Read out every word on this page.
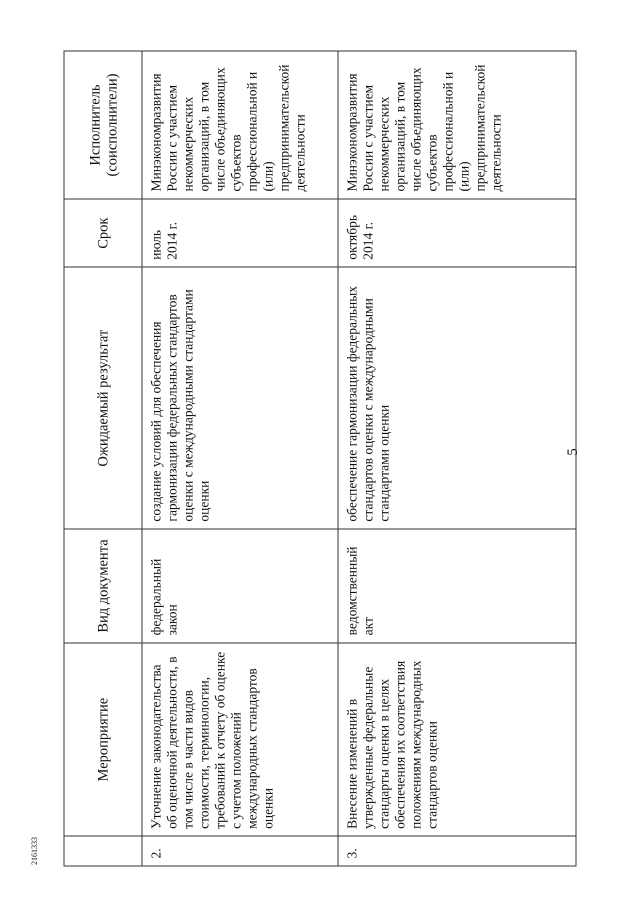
5
2161333
	Мероприятие	Вид документа	Ожидаемый результат	Срок	Исполнитель (соисполнители)
2.	Уточнение законодательства об оценочной деятельности, в том числе в части видов стоимости, терминологии, требований к отчету об оценке с учетом положений международных стандартов оценки	федеральный закон	создание условий для обеспечения гармонизации федеральных стандартов оценки с международными стандартами оценки	июль 2014 г.	Минэкономразвития России с участием некоммерческих организаций, в том числе объединяющих субъектов профессиональной и (или) предпринимательской деятельности
3.	Внесение изменений в утвержденные федеральные стандарты оценки в целях обеспечения их соответствия положениям международных стандартов оценки	ведомственный акт	обеспечение гармонизации федеральных стандартов оценки с международными стандартами оценки	октябрь 2014 г.	Минэкономразвития России с участием некоммерческих организаций, в том числе объединяющих субъектов профессиональной и (или) предпринимательской деятельности
